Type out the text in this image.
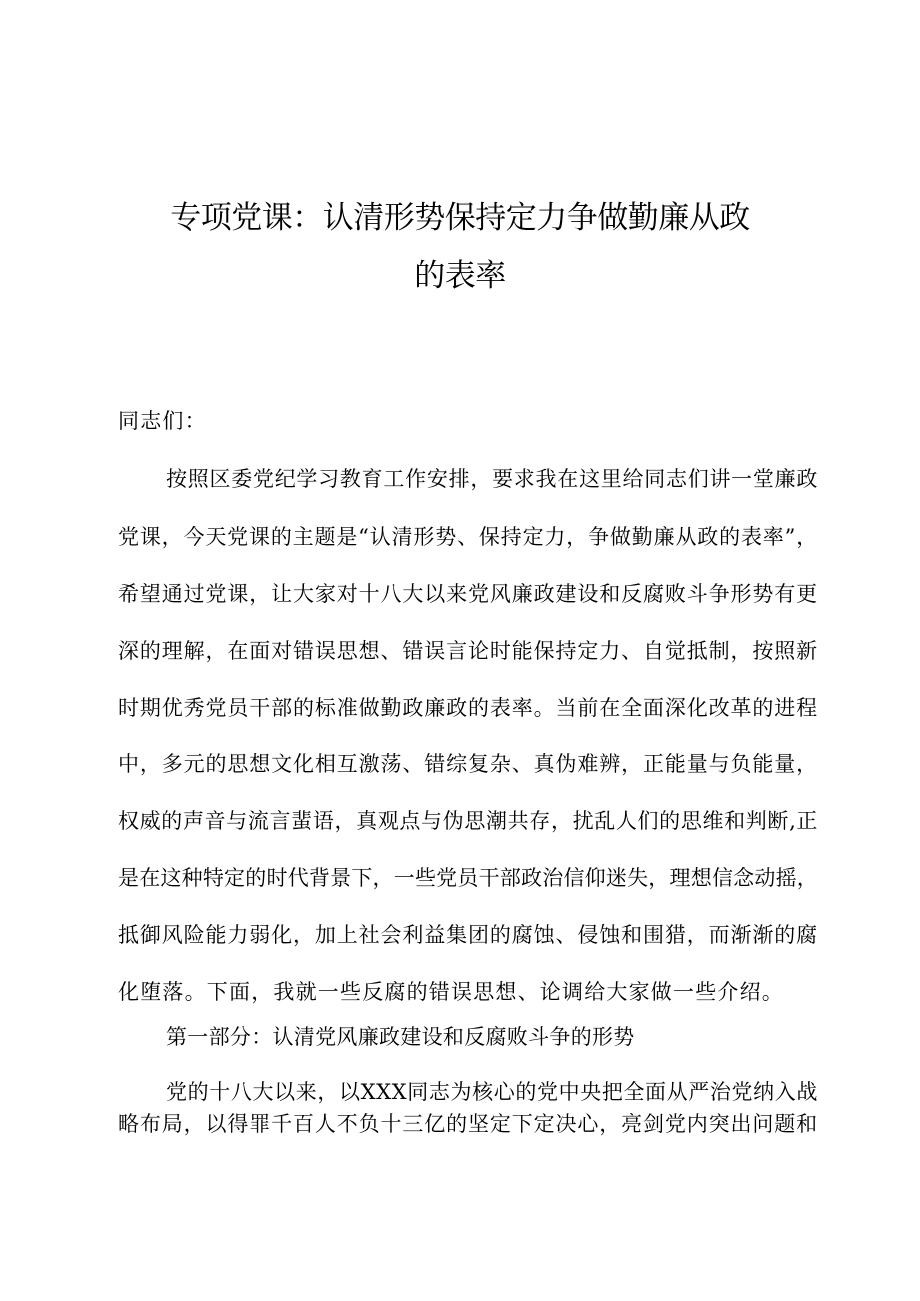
专项党课：认清形势保持定力争做勤廉从政
的表率
同志们：
按照区委党纪学习教育工作安排，要求我在这里给同志们讲一堂廉政
党课，今天党课的主题是“认清形势、保持定力，争做勤廉从政的表率”，
希望通过党课，让大家对十八大以来党风廉政建设和反腐败斗争形势有更
深的理解，在面对错误思想、错误言论时能保持定力、自觉抵制，按照新
时期优秀党员干部的标准做勤政廉政的表率。当前在全面深化改革的进程
中，多元的思想文化相互激荡、错综复杂、真伪难辨，正能量与负能量，
权威的声音与流言蜚语，真观点与伪思潮共存，扰乱人们的思维和判断,正
是在这种特定的时代背景下，一些党员干部政治信仰迷失，理想信念动摇，
抵御风险能力弱化，加上社会利益集团的腐蚀、侵蚀和围猎，而渐渐的腐
化堕落。下面，我就一些反腐的错误思想、论调给大家做一些介绍。
第一部分：认清党风廉政建设和反腐败斗争的形势
党的十八大以来，以XXX同志为核心的党中央把全面从严治党纳入战
略布局，以得罪千百人不负十三亿的坚定下定决心，亮剑党内突出问题和
